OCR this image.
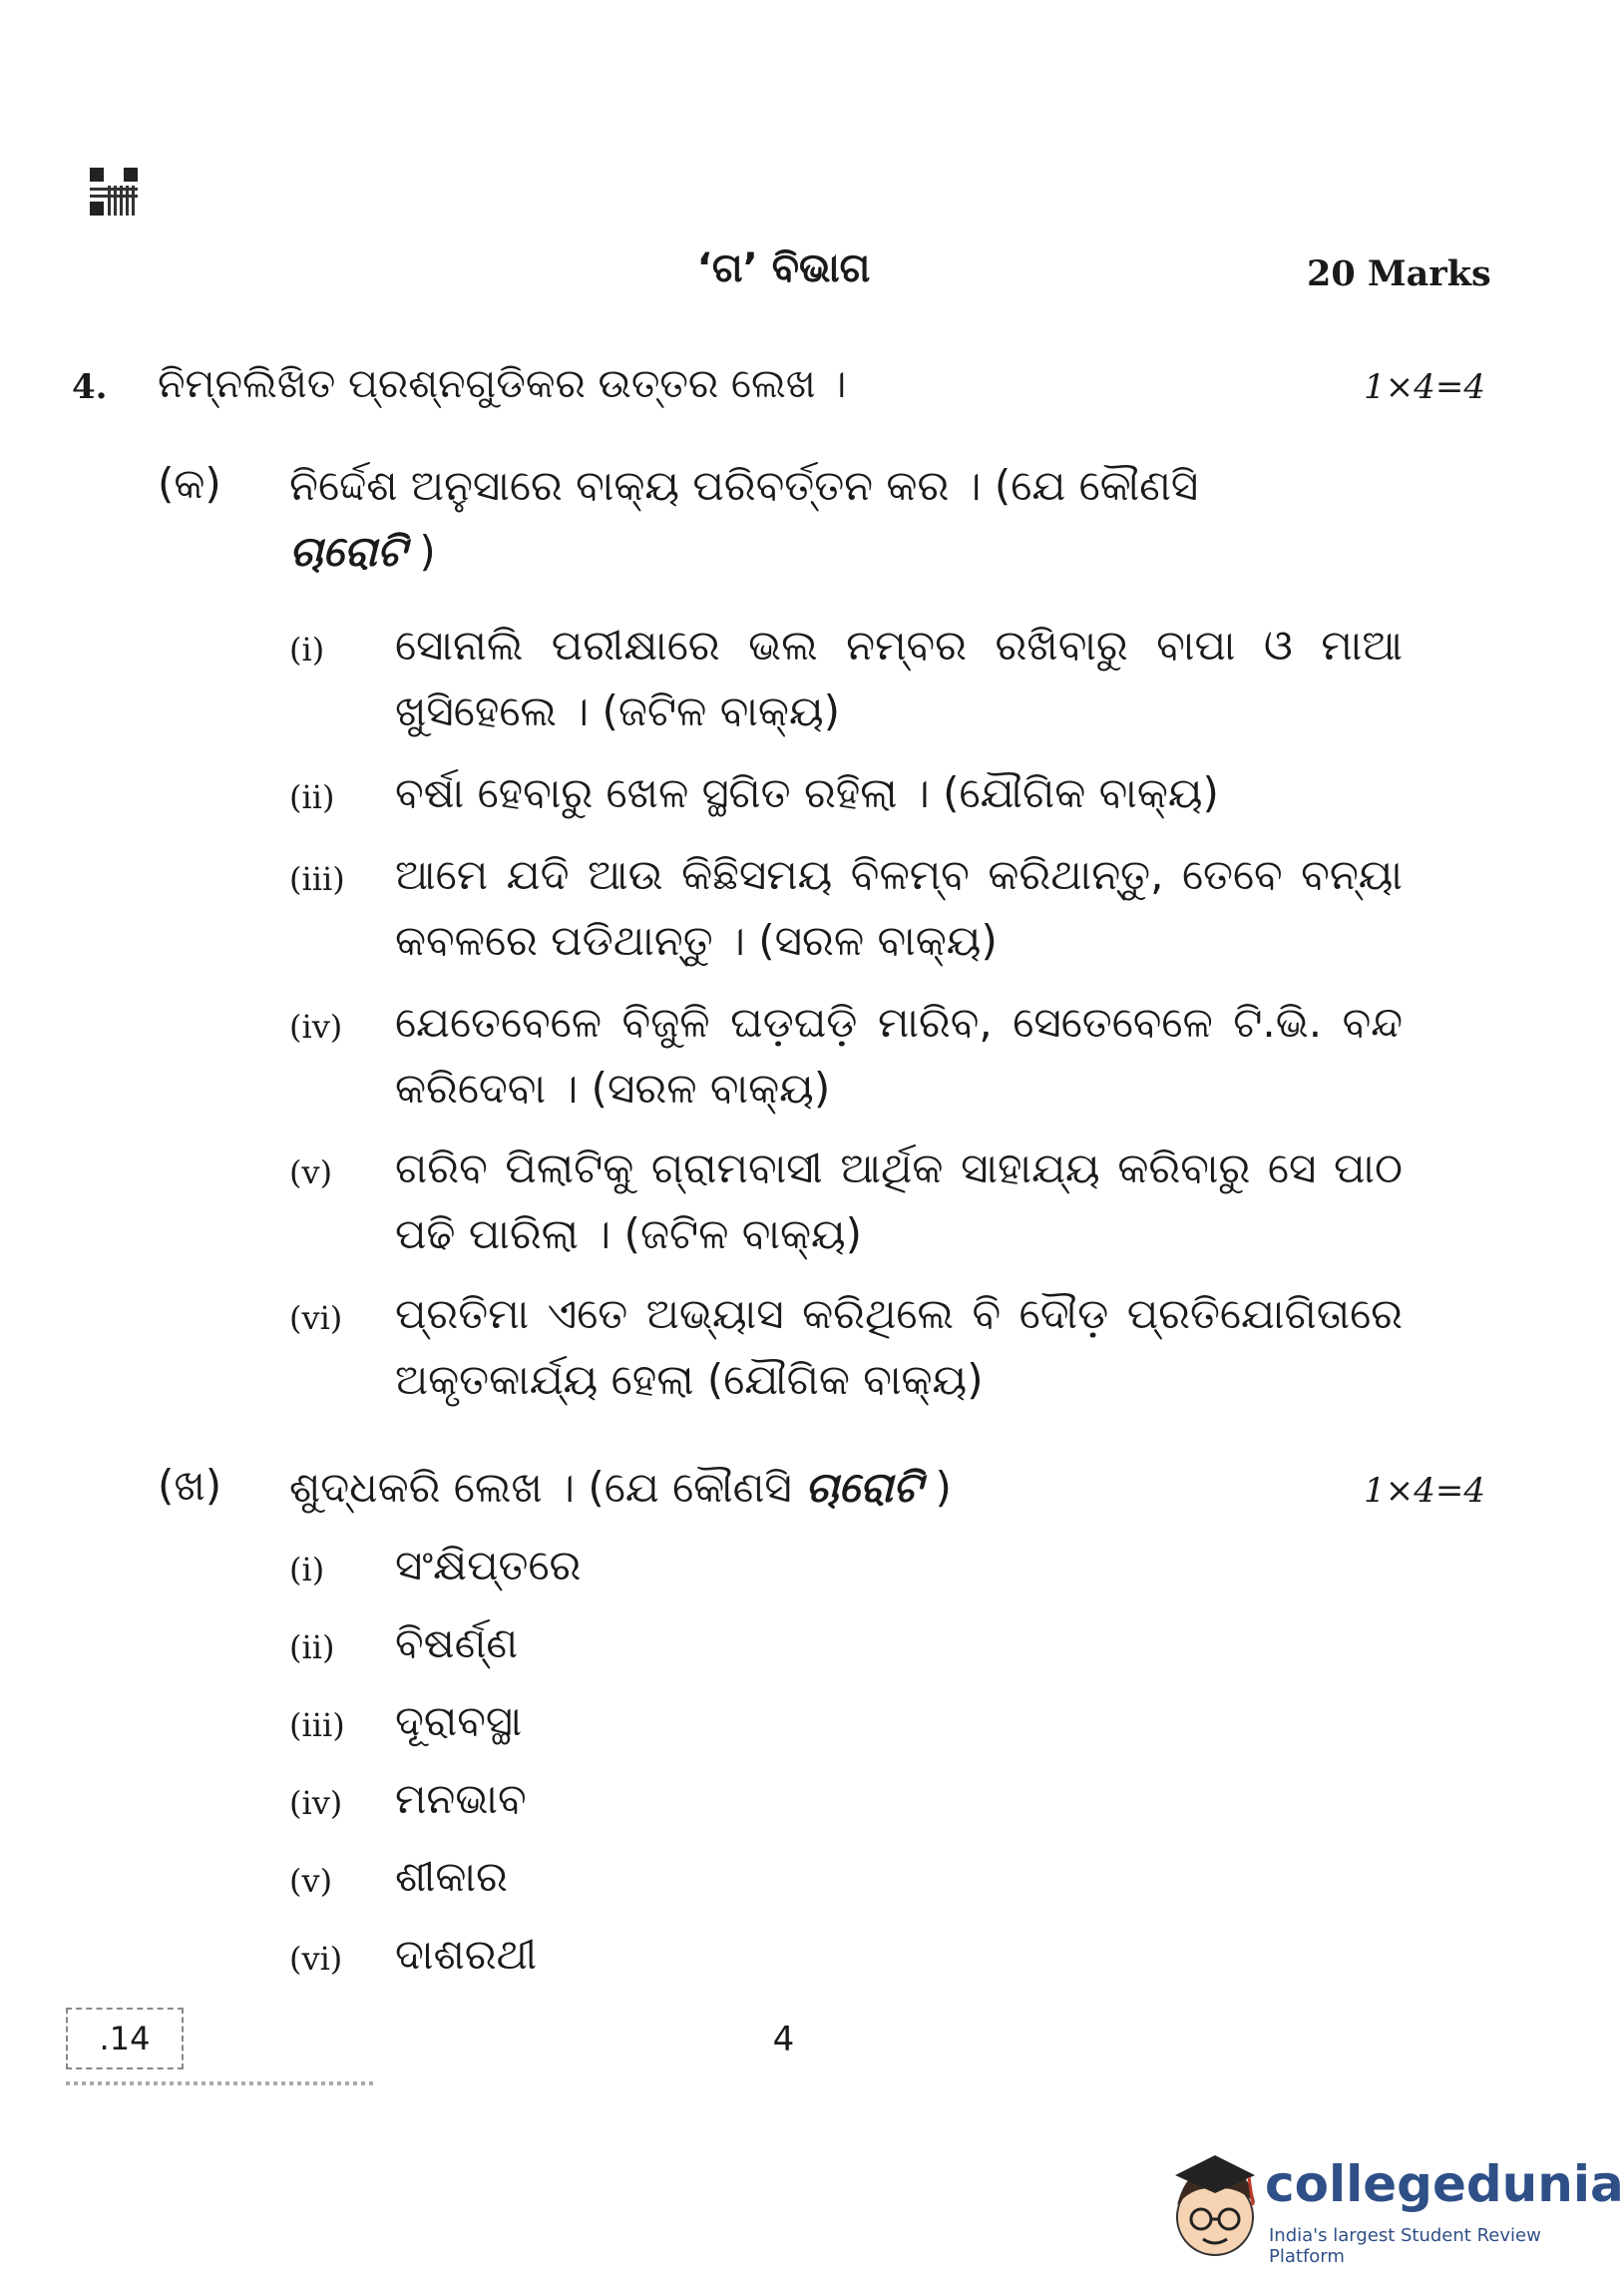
‘ଗ’ ବିଭାଗ	20 Marks
4. ନିମ୍ନଲିଖିତ ପ୍ରଶ୍ନଗୁଡିକର ଉତ୍ତର ଲେଖ ।	1×4=4
(କ) ନିର୍ଦ୍ଦେଶ ଅନୁସାରେ ବାକ୍ୟ ପରିବର୍ତ୍ତନ କର । (ଯେ କୌଣସି
ଚାରୋଟି )
(i) ସୋନାଲି ପରୀକ୍ଷାରେ ଭଲ ନମ୍ବର ରଖିବାରୁ ବାପା ଓ ମାଆ ଖୁସିହେଲେ । (ଜଟିଳ ବାକ୍ୟ)
(ii) ବର୍ଷା ହେବାରୁ ଖେଳ ସ୍ଥଗିତ ରହିଲା । (ଯୌଗିକ ବାକ୍ୟ)
(iii) ଆମେ ଯଦି ଆଉ କିଛିସମୟ ବିଳମ୍ବ କରିଥାନ୍ତୁ, ତେବେ ବନ୍ୟା କବଳରେ ପଡିଥାନ୍ତୁ । (ସରଳ ବାକ୍ୟ)
(iv) ଯେତେବେଳେ ବିଜୁଳି ଘଡ଼ଘଡ଼ି ମାରିବ, ସେତେବେଳେ ଟି.ଭି. ବନ୍ଦ କରିଦେବା । (ସରଳ ବାକ୍ୟ)
(v) ଗରିବ ପିଲାଟିକୁ ଗ୍ରାମବାସୀ ଆର୍ଥିକ ସାହାଯ୍ୟ କରିବାରୁ ସେ ପାଠ ପଢି ପାରିଲା । (ଜଟିଳ ବାକ୍ୟ)
(vi) ପ୍ରତିମା ଏତେ ଅଭ୍ୟାସ କରିଥିଲେ ବି ଦୌଡ଼ ପ୍ରତିଯୋଗିତାରେ ଅକୃତକାର୍ଯ୍ୟ ହେଲା (ଯୌଗିକ ବାକ୍ୟ)
(ଖ) ଶୁଦ୍ଧକରି ଲେଖ । (ଯେ କୌଣସି ଚାରୋଟି )	1×4=4
(i) ସଂକ୍ଷିପ୍ତରେ
(ii) ବିଷର୍ଣ୍ଣ
(iii) ଦୂରାବସ୍ଥା
(iv) ମନଭାବ
(v) ଶୀକାର
(vi) ଦାଶରଥୀ
.14	4
collegedunia
India's largest Student Review Platform
